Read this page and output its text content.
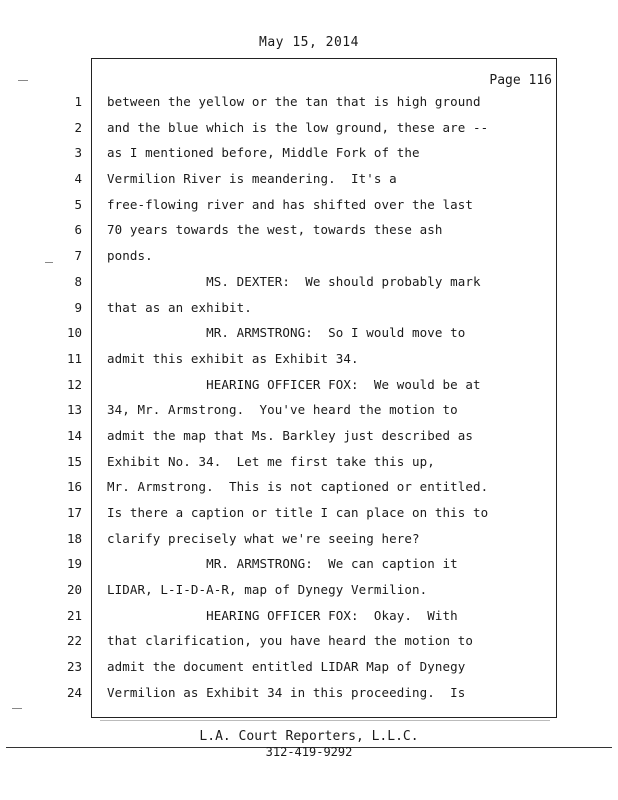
May 15, 2014
Page 116
1 between the yellow or the tan that is high ground
2 and the blue which is the low ground, these are --
3 as I mentioned before, Middle Fork of the
4 Vermilion River is meandering.  It's a
5 free-flowing river and has shifted over the last
6 70 years towards the west, towards these ash
7 ponds.
8 MS. DEXTER:  We should probably mark
9 that as an exhibit.
10 MR. ARMSTRONG:  So I would move to
11 admit this exhibit as Exhibit 34.
12 HEARING OFFICER FOX:  We would be at
13 34, Mr. Armstrong.  You've heard the motion to
14 admit the map that Ms. Barkley just described as
15 Exhibit No. 34.  Let me first take this up,
16 Mr. Armstrong.  This is not captioned or entitled.
17 Is there a caption or title I can place on this to
18 clarify precisely what we're seeing here?
19 MR. ARMSTRONG:  We can caption it
20 LIDAR, L-I-D-A-R, map of Dynegy Vermilion.
21 HEARING OFFICER FOX:  Okay.  With
22 that clarification, you have heard the motion to
23 admit the document entitled LIDAR Map of Dynegy
24 Vermilion as Exhibit 34 in this proceeding.  Is
L.A. Court Reporters, L.L.C.
312-419-9292
